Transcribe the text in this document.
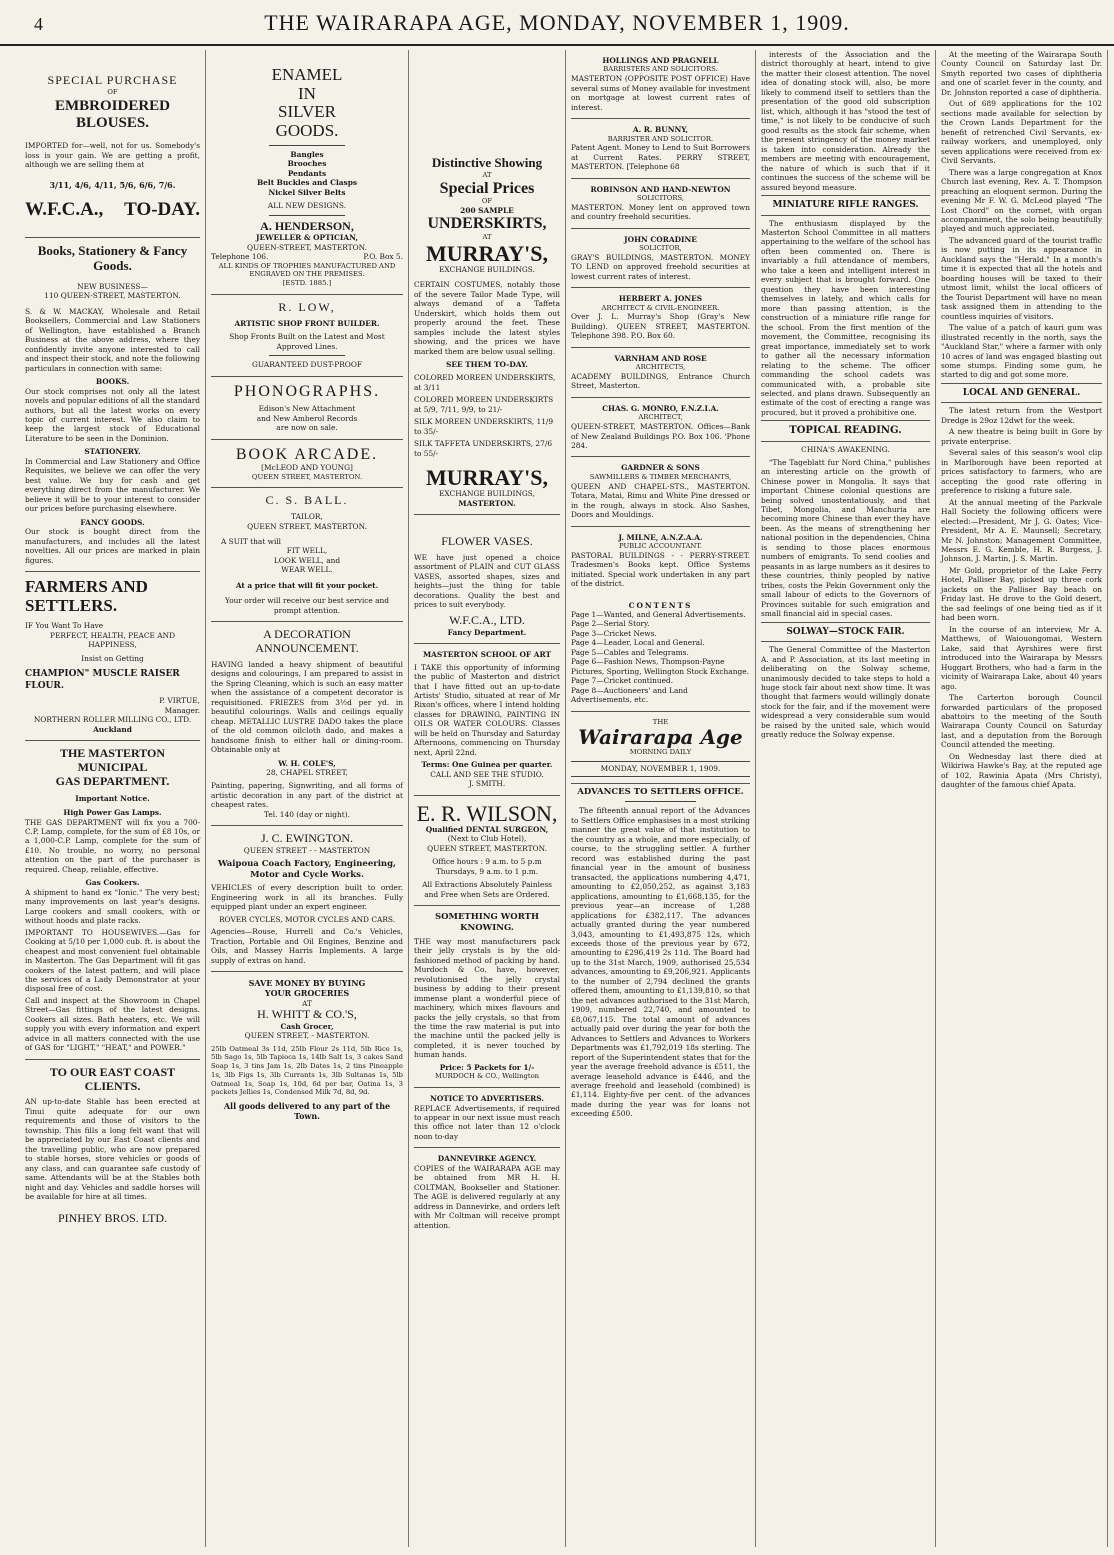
4	THE WAIRARAPA AGE, MONDAY, NOVEMBER 1, 1909.
SPECIAL PURCHASE
OF
EMBROIDERED BLOUSES.
IMPORTED for—well, not for us. Somebody's loss is your gain. We are getting a profit, although we are selling them at
3/11, 4/6, 4/11, 5/6, 6/6, 7/6.
W.F.C.A., TO-DAY.
Books, Stationery & Fancy Goods.
NEW BUSINESS—
110 QUEEN-STREET, MASTERTON.
S. & W. MACKAY, Wholesale and Retail Booksellers, Commercial and Law Stationers of Wellington, have established a Branch Business at the above address, where they confidently invite anyone interested to call and inspect their stock, and note the following particulars in connection with same:
BOOKS.
Our stock comprises not only all the latest novels and popular editions of all the standard authors, but all the latest works on every topic of current interest. We also claim to keep the largest stock of Educational Literature to be seen in the Dominion.
STATIONERY.
In Commercial and Law Stationery and Office Requisites, we believe we can offer the very best value. We buy for cash and get everything direct from the manufacturer. We believe it will be to your interest to consider our prices before purchasing elsewhere.
FANCY GOODS.
Our stock is bought direct from the manufacturers, and includes all the latest novelties. All our prices are marked in plain figures.
FARMERS AND SETTLERS.
IF You Want To Have
PERFECT, HEALTH, PEACE AND HAPPINESS,
Insist on Getting
CHAMPION" MUSCLE RAISER FLOUR.
P. VIRTUE,
Manager.
NORTHERN ROLLER MILLING CO., LTD.
Auckland
THE MASTERTON
MUNICIPAL
GAS DEPARTMENT.
Important Notice.
High Power Gas Lamps.
THE GAS DEPARTMENT will fix you a 700-C.P. Lamp, complete, for the sum of £8 10s, or a 1,000-C.P. Lamp, complete for the sum of £10. No trouble, no worry, no personal attention on the part of the purchaser is required. Cheap, reliable, effective.
Gas Cookers.
A shipment to hand ex "Ionic." The very best; many improvements on last year's designs. Large cookers and small cookers, with or without hoods and plate racks.
IMPORTANT TO HOUSEWIVES.—Gas for Cooking at 5/10 per 1,000 cub. ft. is about the cheapest and most convenient fuel obtainable in Masterton. The Gas Department will fit gas cookers of the latest pattern, and will place the services of a Lady Demonstrator at your disposal free of cost.
Call and inspect at the Showroom in Chapel Street—Gas fittings of the latest designs. Cookers all sizes. Bath heaters, etc. We will supply you with every information and expert advice in all matters connected with the use of GAS for "LIGHT," "HEAT," and POWER."
TO OUR EAST COAST CLIENTS.
AN up-to-date Stable has been erected at Tinui quite adequate for our own requirements and those of visitors to the township. This fills a long felt want that will be appreciated by our East Coast clients and the travelling public, who are now prepared to stable horses, store vehicles or goods of any class, and can guarantee safe custody of same. Attendants will be at the Stables both night and day. Vehicles and saddle horses will be available for hire at all times.
PINHEY BROS. LTD.
ENAMEL
IN
SILVER
GOODS.
Bangles
Brooches
Pendants
Belt Buckles and Clasps
Nickel Silver Belts
ALL NEW DESIGNS.
A. HENDERSON,
JEWELLER & OPTICIAN,
QUEEN-STREET, MASTERTON.
Telephone 106.	P.O. Box 5.
ALL KINDS OF TROPHIES MANUFACTURED AND ENGRAVED ON THE PREMISES.
[ESTD. 1885.]
R. LOW,
ARTISTIC SHOP FRONT BUILDER.
Shop Fronts Built on the Latest and Most Approved Lines.
GUARANTEED DUST-PROOF
PHONOGRAPHS.
Edison's New Attachment
and New Amberol Records
are now on sale.
BOOK ARCADE.
[McLEOD AND YOUNG]
QUEEN STREET, MASTERTON.
C. S. BALL.
TAILOR,
QUEEN STREET, MASTERTON.
A SUIT that will
FIT WELL,
LOOK WELL, and
WEAR WELL.
At a price that will fit your pocket.
Your order will receive our best service and prompt attention.
A DECORATION ANNOUNCEMENT.
HAVING landed a heavy shipment of beautiful designs and colourings, I am prepared to assist in the Spring Cleaning, which is such an easy matter when the assistance of a competent decorator is requisitioned. FRIEZES from 3½d per yd. in beautiful colourings. Walls and ceilings equally cheap. METALLIC LUSTRE DADO takes the place of the old common oilcloth dado, and makes a handsome finish to either hall or dining-room. Obtainable only at
W. H. COLE'S,
28, CHAPEL STREET,
Painting, papering, Signwriting, and all forms of artistic decoration in any part of the district at cheapest rates.
Tel. 140 (day or night).
J. C. EWINGTON.
QUEEN STREET - - MASTERTON
Waipoua Coach Factory, Engineering, Motor and Cycle Works.
VEHICLES of every description built to order. Engineering work in all its branches. Fully equipped plant under an expert engineer.
ROVER CYCLES, MOTOR CYCLES AND CARS.
Agencies—Rouse, Hurrell and Co.'s Vehicles, Traction, Portable and Oil Engines, Benzine and Oils, and Massey Harris Implements. A large supply of extras on hand.
SAVE MONEY BY BUYING
YOUR GROCERIES
AT
H. WHITT & CO.'S,
Cash Grocer,
QUEEN STREET, - MASTERTON.
25lb Oatmeal 3s 11d, 25lb Flour 2s 11d, 5lb Rice 1s, 5lb Sago 1s, 5lb Tapioca 1s, 14lb Salt 1s, 3 cakes Sand Soap 1s, 3 tins Jam 1s, 2lb Dates 1s, 2 tins Pineapple 1s, 3lb Figs 1s, 3lb Currants 1s, 3lb Sultanas 1s, 5lb Oatmeal 1s, Soap 1s, 10d, 6d per bar, Oatina 1s, 3 packets Jellies 1s, Condensed Milk 7d, 8d, 9d.
All goods delivered to any part of the Town.
Distinctive Showing
AT
Special Prices
OF
200 SAMPLE
UNDERSKIRTS,
AT
MURRAY'S,
EXCHANGE BUILDINGS.
CERTAIN COSTUMES, notably those of the severe Tailor Made Type, will always demand of a Taffeta Underskirt, which holds them out properly around the feet. These samples include the latest styles showing, and the prices we have marked them are below usual selling.
SEE THEM TO-DAY.
COLORED MOREEN UNDERSKIRTS, at 3/11
COLORED MOREEN UNDERSKIRTS at 5/9, 7/11, 9/9, to 21/-
SILK MOREEN UNDERSKIRTS, 11/9 to 35/-
SILK TAFFETA UNDERSKIRTS, 27/6 to 55/-
MURRAY'S,
EXCHANGE BUILDINGS,
MASTERTON.
FLOWER VASES.
WE have just opened a choice assortment of PLAIN and CUT GLASS VASES, assorted shapes, sizes and heights—just the thing for table decorations. Quality the best and prices to suit everybody.
W.F.C.A., LTD.
Fancy Department.
MASTERTON SCHOOL OF ART
I TAKE this opportunity of informing the public of Masterton and district that I have fitted out an up-to-date Artists' Studio, situated at rear of Mr Rixon's offices, where I intend holding classes for DRAWING, PAINTING IN OILS OR WATER COLOURS. Classes will be held on Thursday and Saturday Afternoons, commencing on Thursday next, April 22nd.
Terms: One Guinea per quarter.
CALL AND SEE THE STUDIO.
J. SMITH.
E. R. WILSON,
Qualified DENTAL SURGEON,
(Next to Club Hotel),
QUEEN STREET, MASTERTON.
Office hours : 9 a.m. to 5 p.m
Thursdays, 9 a.m. to 1 p.m.
All Extractions Absolutely Painless and Free when Sets are Ordered.
SOMETHING WORTH KNOWING.
THE way most manufacturers pack their jelly crystals is by the old-fashioned method of packing by hand. Murdoch & Co. have, however, revolutionised the jelly crystal business by adding to their present immense plant a wonderful piece of machinery, which mixes flavours and packs the jelly crystals, so that from the time the raw material is put into the machine until the packed jelly is completed, it is never touched by human hands.
Price: 5 Packets for 1/-
MURDOCH & CO., Wellington
NOTICE TO ADVERTISERS.
REPLACE Advertisements, if required to appear in our next issue must reach this office not later than 12 o'clock noon to-day
DANNEVIRKE AGENCY.
COPIES of the WAIRARAPA AGE may be obtained from MR H. H. COLTMAN, Bookseller and Stationer. The AGE is delivered regularly at any address in Dannevirke, and orders left with Mr Coltman will receive prompt attention.
HOLLINGS AND PRAGNELL
BARRISTERS AND SOLICITORS.
MASTERTON (OPPOSITE POST OFFICE) Have several sums of Money available for investment on mortgage at lowest current rates of interest.
A. R. BUNNY,
BARRISTER AND SOLICITOR.
Patent Agent. Money to Lend to Suit Borrowers at Current Rates. PERRY STREET, MASTERTON. [Telephone 68
ROBINSON AND HAND-NEWTON
SOLICITORS,
MASTERTON. Money lent on approved town and country freehold securities.
JOHN CORADINE
SOLICITOR,
GRAY'S BUILDINGS, MASTERTON. MONEY TO LEND on approved freehold securities at lowest current rates of interest.
HERBERT A. JONES
ARCHITECT & CIVIL-ENGINEER.
Over J. L. Murray's Shop (Gray's New Building). QUEEN STREET, MASTERTON. Telephone 398. P.O. Box 60.
VARNHAM AND ROSE
ARCHITECTS,
ACADEMY BUILDINGS, Entrance Church Street, Masterton.
CHAS. G. MONRO, F.N.Z.I.A.
ARCHITECT,
QUEEN-STREET, MASTERTON. Offices—Bank of New Zealand Buildings P.O. Box 106. 'Phone 284.
GARDNER & SONS
SAWMILLERS & TIMBER MERCHANTS,
QUEEN AND CHAPEL-STS., MASTERTON. Totara, Matai, Rimu and White Pine dressed or in the rough, always in stock. Also Sashes, Doors and Mouldings.
J. MILNE, A.N.Z.A.A.
PUBLIC ACCOUNTANT.
PASTORAL BUILDINGS - - PERRY-STREET. Tradesmen's Books kept. Office Systems initiated. Special work undertaken in any part of the district.
CONTENTS
Page 1—Wanted, and General Advertisements.
Page 2—Serial Story.
Page 3—Cricket News.
Page 4—Leader, Local and General.
Page 5—Cables and Telegrams.
Page 6—Fashion News, Thompson-Payne Pictures, Sporting, Wellington Stock Exchange.
Page 7—Cricket continued.
Page 8—Auctioneers' and Land Advertisements, etc.
THE
Wairarapa Age
MORNING DAILY
MONDAY, NOVEMBER 1, 1909.
ADVANCES TO SETTLERS OFFICE.
The fifteenth annual report of the Advances to Settlers Office emphasises in a most striking manner the great value of that institution to the country as a whole, and more especially, of course, to the struggling settler. A further record was established during the past financial year in the amount of business transacted, the applications numbering 4,471, amounting to £2,050,252, as against 3,183 applications, amounting to £1,668,135, for the previous year—an increase of 1,288 applications for £382,117. The advances actually granted during the year numbered 3,043, amounting to £1,493,875 12s, which exceeds those of the previous year by 672, amounting to £296,419 2s 11d. The Board had up to the 31st March, 1909, authorised 25,534 advances, amounting to £9,206,921. Applicants to the number of 2,794 declined the grants offered them, amounting to £1,139,810, so that the net advances authorised to the 31st March, 1909, numbered 22,740, and amounted to £8,067,115. The total amount of advances actually paid over during the year for both the Advances to Settlers and Advances to Workers Departments was £1,792,019 18s sterling. The report of the Superintendent states that for the year the average freehold advance is £511, the average leasehold advance is £446, and the average freehold and leasehold (combined) is £1,114. Eighty-five per cent. of the advances made during the year was for loans not exceeding £500.
interests of the Association and the district thoroughly at heart, intend to give the matter their closest attention. The novel idea of donating stock will, also, be more likely to commend itself to settlers than the presentation of the good old subscription list, which, although it has "stood the test of time," is not likely to be conducive of such good results as the stock fair scheme, when the present stringency of the money market is taken into consideration. Already the members are meeting with encouragement, the nature of which is such that if it continues the success of the scheme will be assured beyond measure.
MINIATURE RIFLE RANGES.
The enthusiasm displayed by the Masterton School Committee in all matters appertaining to the welfare of the school has often been commented on. There is invariably a full attendance of members, who take a keen and intelligent interest in every subject that is brought forward. One question they have been interesting themselves in lately, and which calls for more than passing attention, is the construction of a miniature rifle range for the school. From the first mention of the movement, the Committee, recognising its great importance, immediately set to work to gather all the necessary information relating to the scheme. The officer commanding the school cadets was communicated with, a probable site selected, and plans drawn. Subsequently an estimate of the cost of erecting a range was procured, but it proved a prohibitive one.
TOPICAL READING.
CHINA'S AWAKENING.
"The Tageblatt fur Nord China," publishes an interesting article on the growth of Chinese power in Mongolia. It says that important Chinese colonial questions are being solved unostentatiously, and that Tibet, Mongolia, and Manchuria are becoming more Chinese than ever they have been. As the means of strengthening her national position in the dependencies, China is sending to those places enormous numbers of emigrants. To send coolies and peasants in as large numbers as it desires to these countries, thinly peopled by native tribes, costs the Pekin Government only the small labour of edicts to the Governors of Provinces suitable for such emigration and small financial aid in special cases.
SOLWAY—STOCK FAIR.
The General Committee of the Masterton A. and P. Association, at its last meeting in deliberating on the Solway scheme, unanimously decided to take steps to hold a huge stock fair about next show time. It was thought that farmers would willingly donate stock for the fair, and if the movement were widespread a very considerable sum would be raised by the united sale, which would greatly reduce the Solway expense.
At the meeting of the Wairarapa South County Council on Saturday last Dr. Smyth reported two cases of diphtheria and one of scarlet fever in the county, and Dr. Johnston reported a case of diphtheria.
Out of 689 applications for the 102 sections made available for selection by the Crown Lands Department for the benefit of retrenched Civil Servants, ex-railway workers, and unemployed, only seven applications were received from ex-Civil Servants.
There was a large congregation at Knox Church last evening, Rev. A. T. Thompson preaching an eloquent sermon. During the evening Mr F. W. G. McLeod played "The Lost Chord" on the cornet, with organ accompaniment, the solo being beautifully played and much appreciated.
The advanced guard of the tourist traffic is now putting in its appearance in Auckland says the "Herald." In a month's time it is expected that all the hotels and boarding houses will be taxed to their utmost limit, whilst the local officers of the Tourist Department will have no mean task assigned them in attending to the countless inquiries of visitors.
The value of a patch of kauri gum was illustrated recently in the north, says the "Auckland Star," where a farmer with only 10 acres of land was engaged blasting out some stumps. Finding some gum, he started to dig and got some more.
LOCAL AND GENERAL.
The latest return from the Westport Dredge is 29oz 12dwt for the week.
A new theatre is being built in Gore by private enterprise.
Several sales of this season's wool clip in Marlborough have been reported at prices satisfactory to farmers, who are accepting the good rate offering in preference to risking a future sale.
At the annual meeting of the Parkvale Hall Society the following officers were elected:—President, Mr J. G. Oates; Vice-President, Mr A. E. Maunsell; Secretary, Mr N. Johnston; Management Committee, Messrs E. G. Kemble, H. R. Burgess, J. Johnson, J. Martin, J. S. Martin.
Mr Gold, proprietor of the Lake Ferry Hotel, Palliser Bay, picked up three cork jackets on the Palliser Bay beach on Friday last. He drove to the Gold desert, the sad feelings of one being tied as if it had been worn.
In the course of an interview, Mr A. Matthews, of Waiouongomai, Western Lake, said that Ayrshires were first introduced into the Wairarapa by Messrs Huggart Brothers, who had a farm in the vicinity of Wairarapa Lake, about 40 years ago.
The Carterton borough Council forwarded particulars of the proposed abattoirs to the meeting of the South Wairarapa County Council on Saturday last, and a deputation from the Borough Council attended the meeting.
On Wednesday last there died at Wikiriwa Hawke's Bay, at the reputed age of 102, Rawinia Apata (Mrs Christy), daughter of the famous chief Apata.
